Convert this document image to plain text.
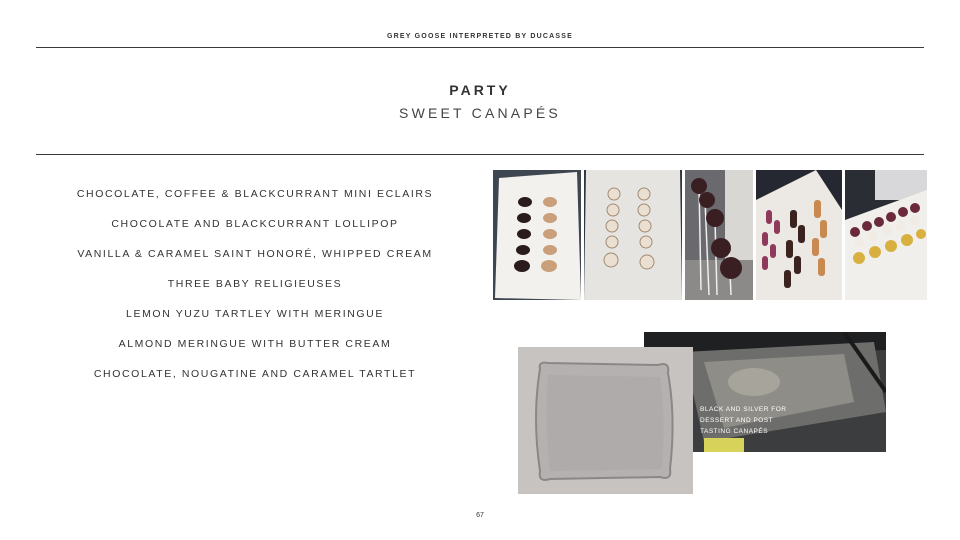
GREY GOOSE INTERPRETED BY DUCASSE
PARTY
SWEET CANAPÉS
CHOCOLATE, COFFEE & BLACKCURRANT MINI ECLAIRS
CHOCOLATE AND BLACKCURRANT LOLLIPOP
VANILLA & CARAMEL SAINT HONORÉ, WHIPPED CREAM
THREE BABY RELIGIEUSES
LEMON YUZU TARTLEY WITH MERINGUE
ALMOND MERINGUE WITH BUTTER CREAM
CHOCOLATE, NOUGATINE AND CARAMEL TARTLET
BLACK AND SILVER FOR
DESSERT AND POST
TASTING CANAPÉS
67
